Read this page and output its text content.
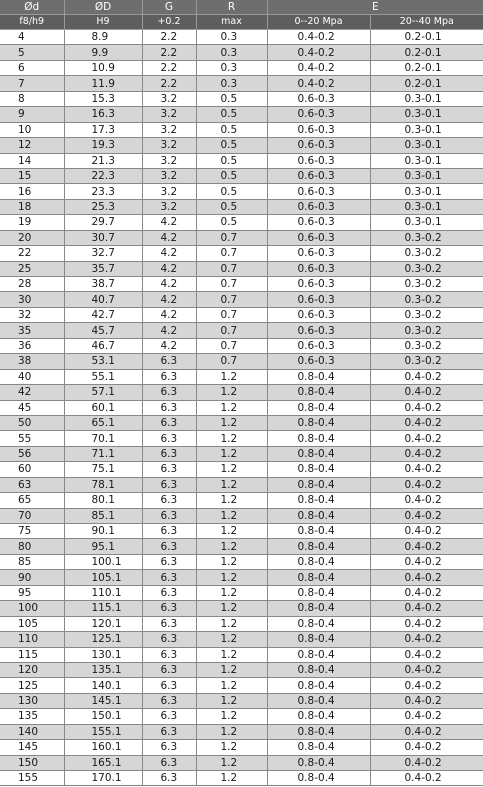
Ød	ØD	G	R	E	
f8/h9	H9	+0.2	max	0--20 Mpa	20--40 Mpa
4	8.9	2.2	0.3	0.4-0.2	0.2-0.1
5	9.9	2.2	0.3	0.4-0.2	0.2-0.1
6	10.9	2.2	0.3	0.4-0.2	0.2-0.1
7	11.9	2.2	0.3	0.4-0.2	0.2-0.1
8	15.3	3.2	0.5	0.6-0.3	0.3-0.1
9	16.3	3.2	0.5	0.6-0.3	0.3-0.1
10	17.3	3.2	0.5	0.6-0.3	0.3-0.1
12	19.3	3.2	0.5	0.6-0.3	0.3-0.1
14	21.3	3.2	0.5	0.6-0.3	0.3-0.1
15	22.3	3.2	0.5	0.6-0.3	0.3-0.1
16	23.3	3.2	0.5	0.6-0.3	0.3-0.1
18	25.3	3.2	0.5	0.6-0.3	0.3-0.1
19	29.7	4.2	0.5	0.6-0.3	0.3-0.1
20	30.7	4.2	0.7	0.6-0.3	0.3-0.2
22	32.7	4.2	0.7	0.6-0.3	0.3-0.2
25	35.7	4.2	0.7	0.6-0.3	0.3-0.2
28	38.7	4.2	0.7	0.6-0.3	0.3-0.2
30	40.7	4.2	0.7	0.6-0.3	0.3-0.2
32	42.7	4.2	0.7	0.6-0.3	0.3-0.2
35	45.7	4.2	0.7	0.6-0.3	0.3-0.2
36	46.7	4.2	0.7	0.6-0.3	0.3-0.2
38	53.1	6.3	0.7	0.6-0.3	0.3-0.2
40	55.1	6.3	1.2	0.8-0.4	0.4-0.2
42	57.1	6.3	1.2	0.8-0.4	0.4-0.2
45	60.1	6.3	1.2	0.8-0.4	0.4-0.2
50	65.1	6.3	1.2	0.8-0.4	0.4-0.2
55	70.1	6.3	1.2	0.8-0.4	0.4-0.2
56	71.1	6.3	1.2	0.8-0.4	0.4-0.2
60	75.1	6.3	1.2	0.8-0.4	0.4-0.2
63	78.1	6.3	1.2	0.8-0.4	0.4-0.2
65	80.1	6.3	1.2	0.8-0.4	0.4-0.2
70	85.1	6.3	1.2	0.8-0.4	0.4-0.2
75	90.1	6.3	1.2	0.8-0.4	0.4-0.2
80	95.1	6.3	1.2	0.8-0.4	0.4-0.2
85	100.1	6.3	1.2	0.8-0.4	0.4-0.2
90	105.1	6.3	1.2	0.8-0.4	0.4-0.2
95	110.1	6.3	1.2	0.8-0.4	0.4-0.2
100	115.1	6.3	1.2	0.8-0.4	0.4-0.2
105	120.1	6.3	1.2	0.8-0.4	0.4-0.2
110	125.1	6.3	1.2	0.8-0.4	0.4-0.2
115	130.1	6.3	1.2	0.8-0.4	0.4-0.2
120	135.1	6.3	1.2	0.8-0.4	0.4-0.2
125	140.1	6.3	1.2	0.8-0.4	0.4-0.2
130	145.1	6.3	1.2	0.8-0.4	0.4-0.2
135	150.1	6.3	1.2	0.8-0.4	0.4-0.2
140	155.1	6.3	1.2	0.8-0.4	0.4-0.2
145	160.1	6.3	1.2	0.8-0.4	0.4-0.2
150	165.1	6.3	1.2	0.8-0.4	0.4-0.2
155	170.1	6.3	1.2	0.8-0.4	0.4-0.2
